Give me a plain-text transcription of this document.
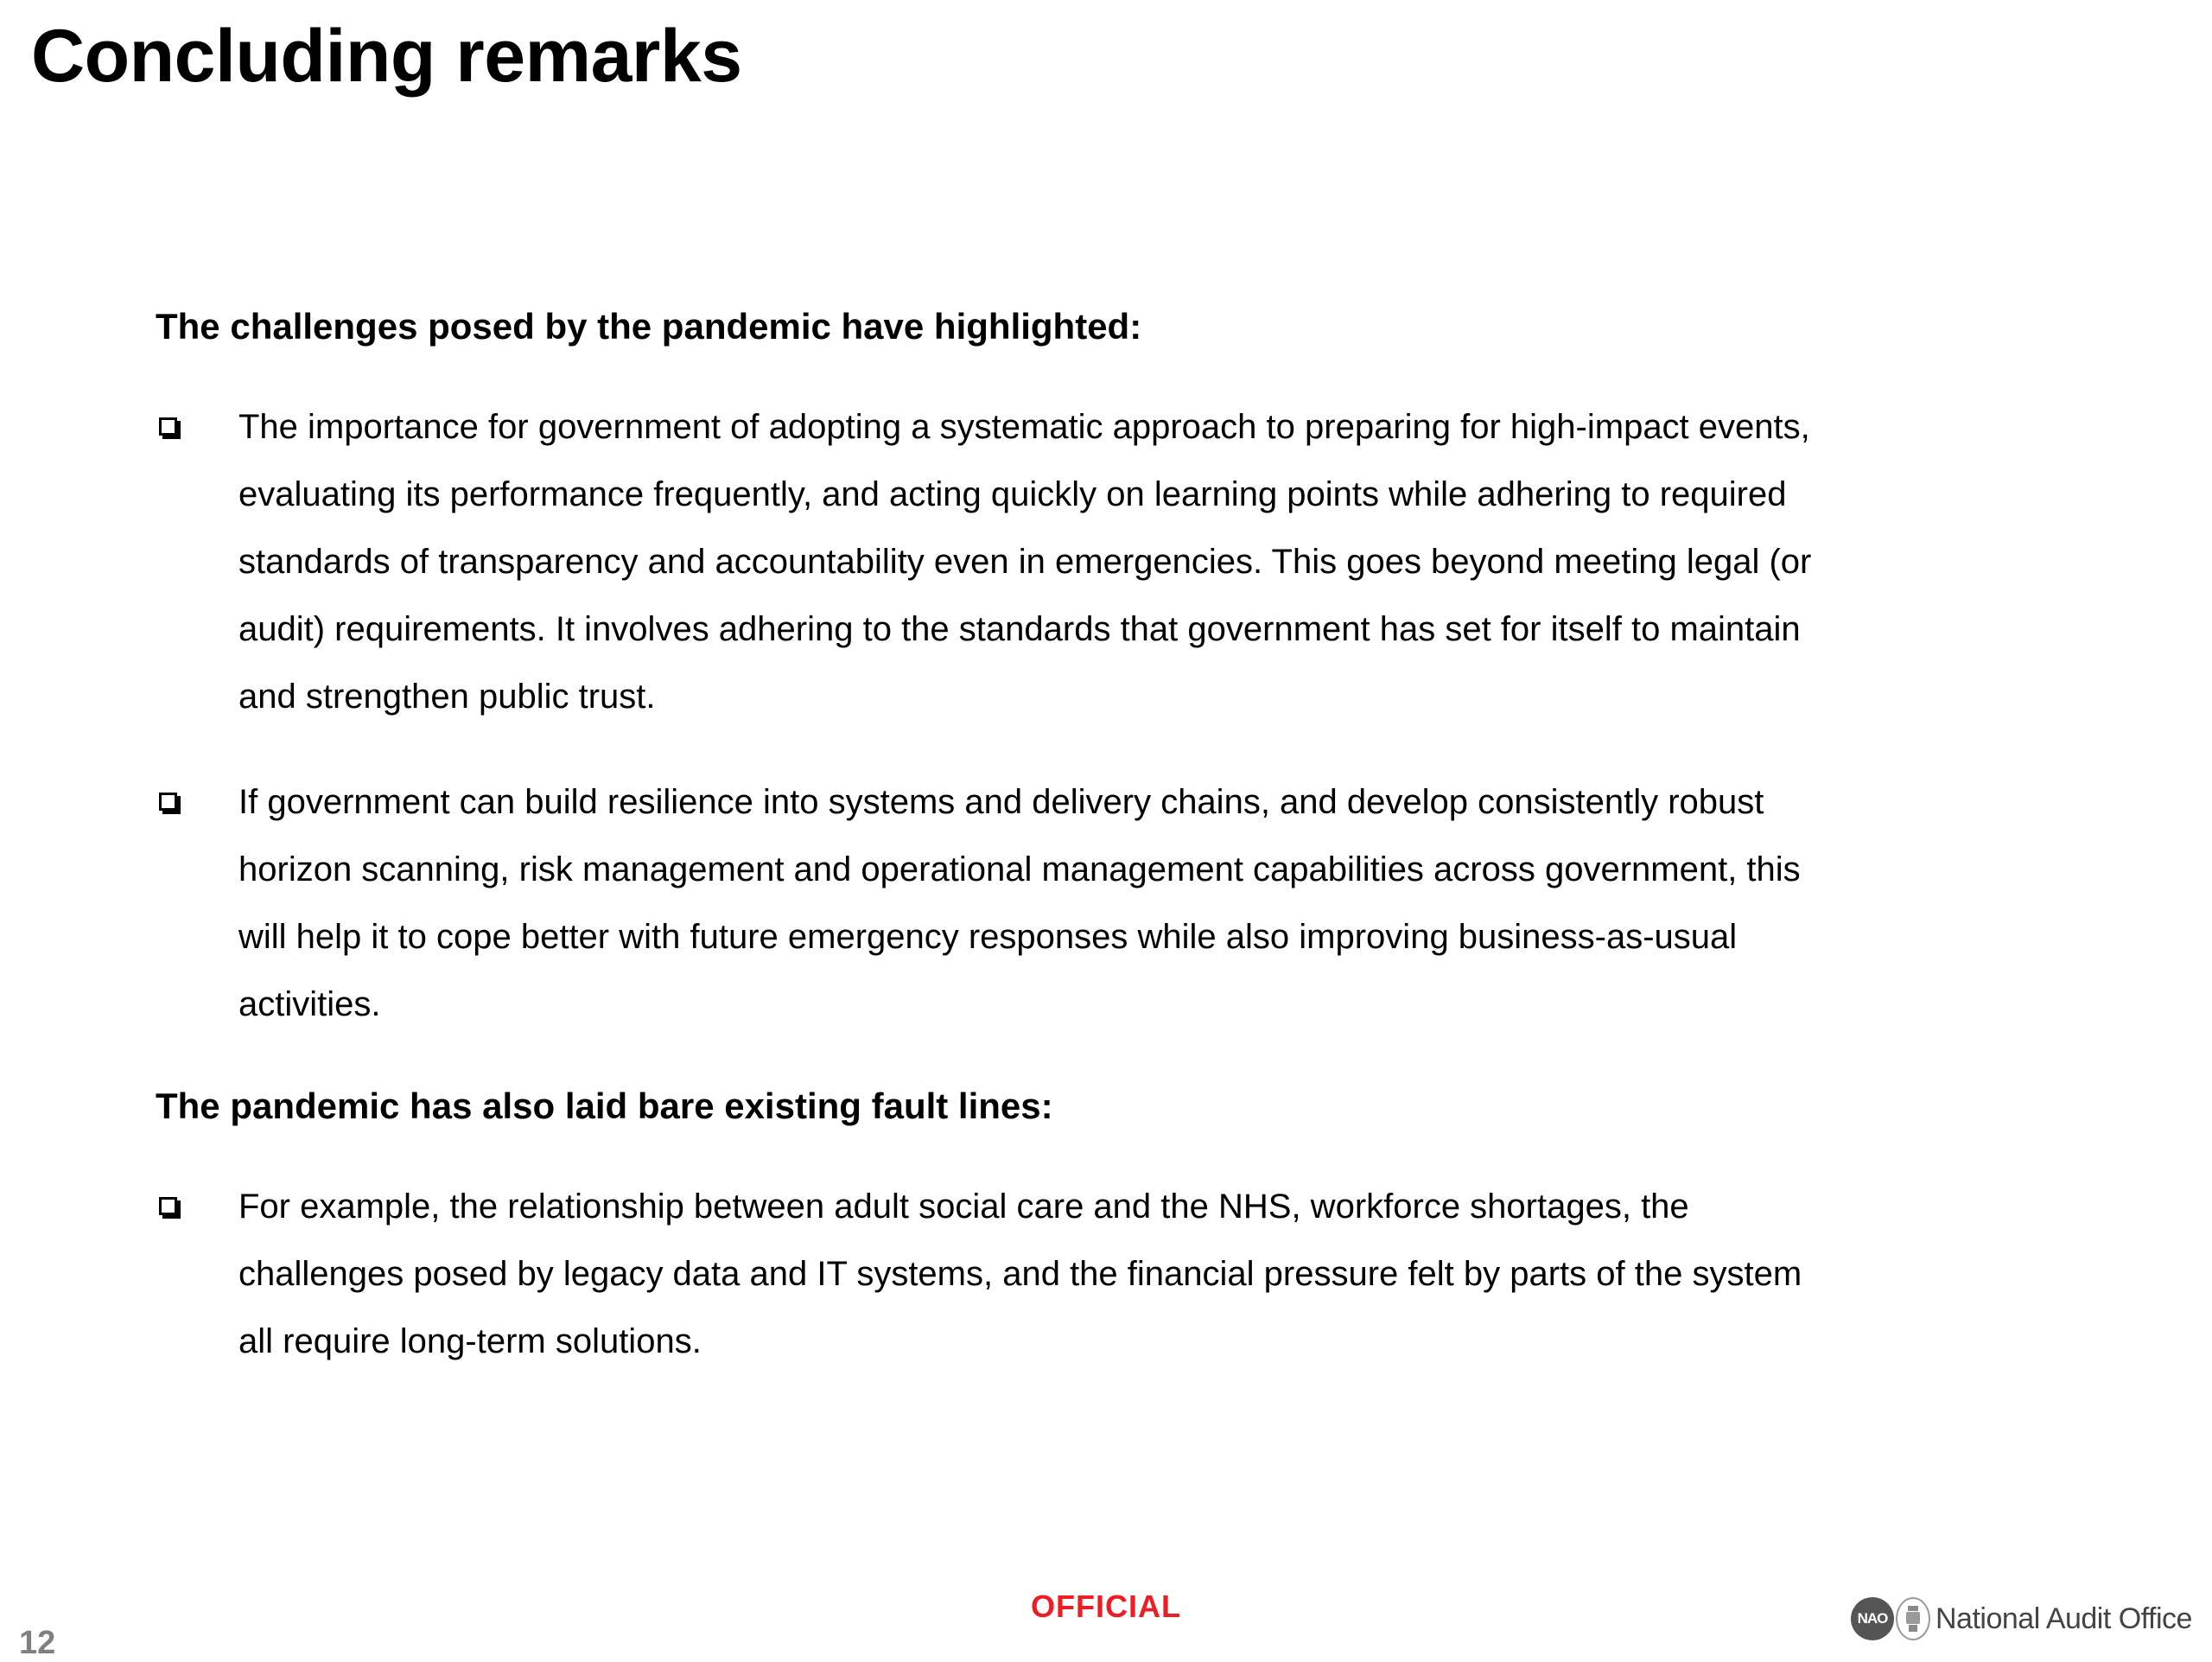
Concluding remarks

The challenges posed by the pandemic have highlighted:

The importance for government of adopting a systematic approach to preparing for high-impact events,
evaluating its performance frequently, and acting quickly on learning points while adhering to required
standards of transparency and accountability even in emergencies. This goes beyond meeting legal (or
audit) requirements. It involves adhering to the standards that government has set for itself to maintain
and strengthen public trust.
If government can build resilience into systems and delivery chains, and develop consistently robust
horizon scanning, risk management and operational management capabilities across government, this
will help it to cope better with future emergency responses while also improving business-as-usual
activities.

The pandemic has also laid bare existing fault lines:

For example, the relationship between adult social care and the NHS, workforce shortages, the
challenges posed by legacy data and IT systems, and the financial pressure felt by parts of the system
all require long-term solutions.
OFFICIAL
12
NAO National Audit Office
